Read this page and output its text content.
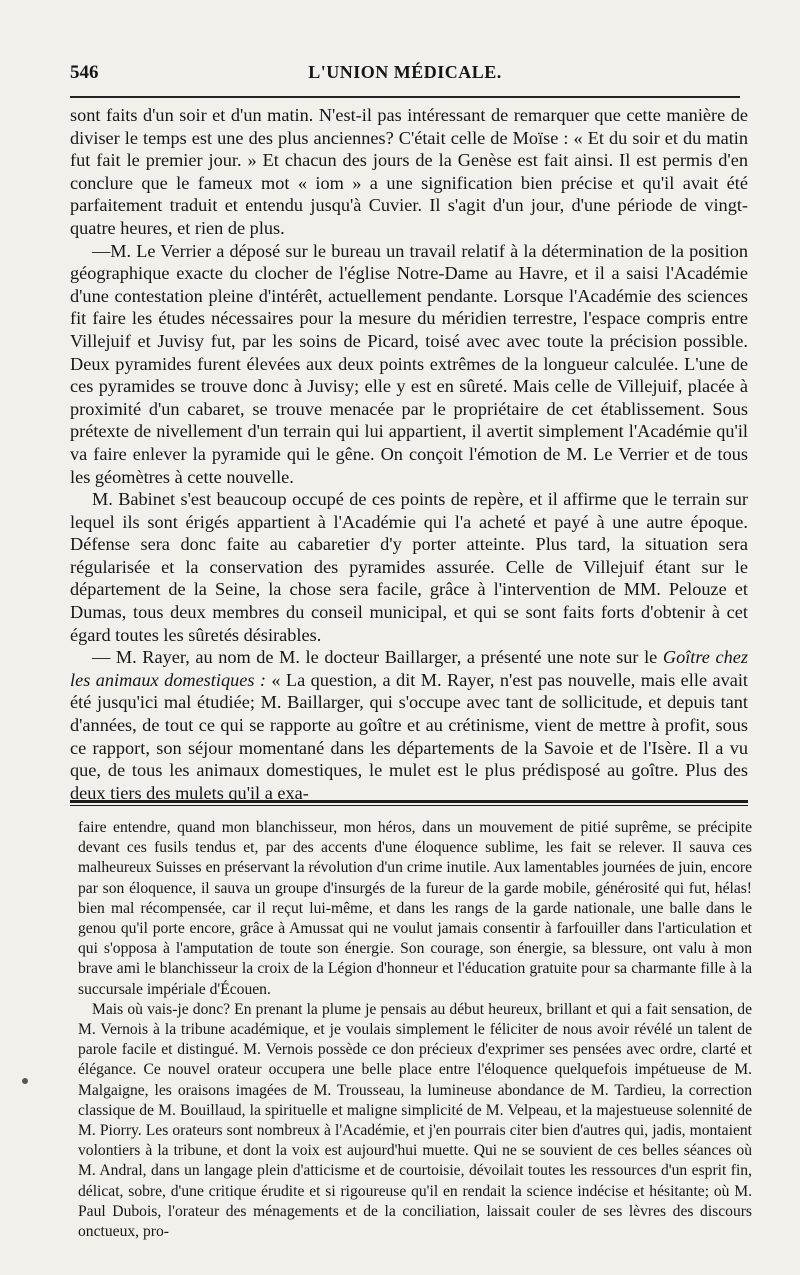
546	L'UNION MÉDICALE.

sont faits d'un soir et d'un matin. N'est-il pas intéressant de remarquer que cette manière de diviser le temps est une des plus anciennes? C'était celle de Moïse : « Et du soir et du matin fut fait le premier jour. » Et chacun des jours de la Genèse est fait ainsi. Il est permis d'en conclure que le fameux mot « iom » a une signification bien précise et qu'il avait été parfaitement traduit et entendu jusqu'à Cuvier. Il s'agit d'un jour, d'une période de vingt-quatre heures, et rien de plus.

—M. Le Verrier a déposé sur le bureau un travail relatif à la détermination de la position géographique exacte du clocher de l'église Notre-Dame au Havre, et il a saisi l'Académie d'une contestation pleine d'intérêt, actuellement pendante. Lorsque l'Académie des sciences fit faire les études nécessaires pour la mesure du méridien terrestre, l'espace compris entre Villejuif et Juvisy fut, par les soins de Picard, toisé avec avec toute la précision possible. Deux pyramides furent élevées aux deux points extrêmes de la longueur calculée. L'une de ces pyramides se trouve donc à Juvisy; elle y est en sûreté. Mais celle de Villejuif, placée à proximité d'un cabaret, se trouve menacée par le propriétaire de cet établissement. Sous prétexte de nivellement d'un terrain qui lui appartient, il avertit simplement l'Académie qu'il va faire enlever la pyramide qui le gêne. On conçoit l'émotion de M. Le Verrier et de tous les géomètres à cette nouvelle.

M. Babinet s'est beaucoup occupé de ces points de repère, et il affirme que le terrain sur lequel ils sont érigés appartient à l'Académie qui l'a acheté et payé à une autre époque. Défense sera donc faite au cabaretier d'y porter atteinte. Plus tard, la situation sera régularisée et la conservation des pyramides assurée. Celle de Villejuif étant sur le département de la Seine, la chose sera facile, grâce à l'intervention de MM. Pelouze et Dumas, tous deux membres du conseil municipal, et qui se sont faits forts d'obtenir à cet égard toutes les sûretés désirables.

— M. Rayer, au nom de M. le docteur Baillarger, a présenté une note sur le Goître chez les animaux domestiques : « La question, a dit M. Rayer, n'est pas nouvelle, mais elle avait été jusqu'ici mal étudiée; M. Baillarger, qui s'occupe avec tant de sollicitude, et depuis tant d'années, de tout ce qui se rapporte au goître et au crétinisme, vient de mettre à profit, sous ce rapport, son séjour momentané dans les départements de la Savoie et de l'Isère. Il a vu que, de tous les animaux domestiques, le mulet est le plus prédisposé au goître. Plus des deux tiers des mulets qu'il a exa-

faire entendre, quand mon blanchisseur, mon héros, dans un mouvement de pitié suprême, se précipite devant ces fusils tendus et, par des accents d'une éloquence sublime, les fait se relever. Il sauva ces malheureux Suisses en préservant la révolution d'un crime inutile. Aux lamentables journées de juin, encore par son éloquence, il sauva un groupe d'insurgés de la fureur de la garde mobile, générosité qui fut, hélas! bien mal récompensée, car il reçut lui-même, et dans les rangs de la garde nationale, une balle dans le genou qu'il porte encore, grâce à Amussat qui ne voulut jamais consentir à farfouiller dans l'articulation et qui s'opposa à l'amputation de toute son énergie. Son courage, son énergie, sa blessure, ont valu à mon brave ami le blanchisseur la croix de la Légion d'honneur et l'éducation gratuite pour sa charmante fille à la succursale impériale d'Écouen.

Mais où vais-je donc? En prenant la plume je pensais au début heureux, brillant et qui a fait sensation, de M. Vernois à la tribune académique, et je voulais simplement le féliciter de nous avoir révélé un talent de parole facile et distingué. M. Vernois possède ce don précieux d'exprimer ses pensées avec ordre, clarté et élégance. Ce nouvel orateur occupera une belle place entre l'éloquence quelquefois impétueuse de M. Malgaigne, les oraisons imagées de M. Trousseau, la lumineuse abondance de M. Tardieu, la correction classique de M. Bouillaud, la spirituelle et maligne simplicité de M. Velpeau, et la majestueuse solennité de M. Piorry. Les orateurs sont nombreux à l'Académie, et j'en pourrais citer bien d'autres qui, jadis, montaient volontiers à la tribune, et dont la voix est aujourd'hui muette. Qui ne se souvient de ces belles séances où M. Andral, dans un langage plein d'atticisme et de courtoisie, dévoilait toutes les ressources d'un esprit fin, délicat, sobre, d'une critique érudite et si rigoureuse qu'il en rendait la science indécise et hésitante; où M. Paul Dubois, l'orateur des ménagements et de la conciliation, laissait couler de ses lèvres des discours onctueux, pro-
